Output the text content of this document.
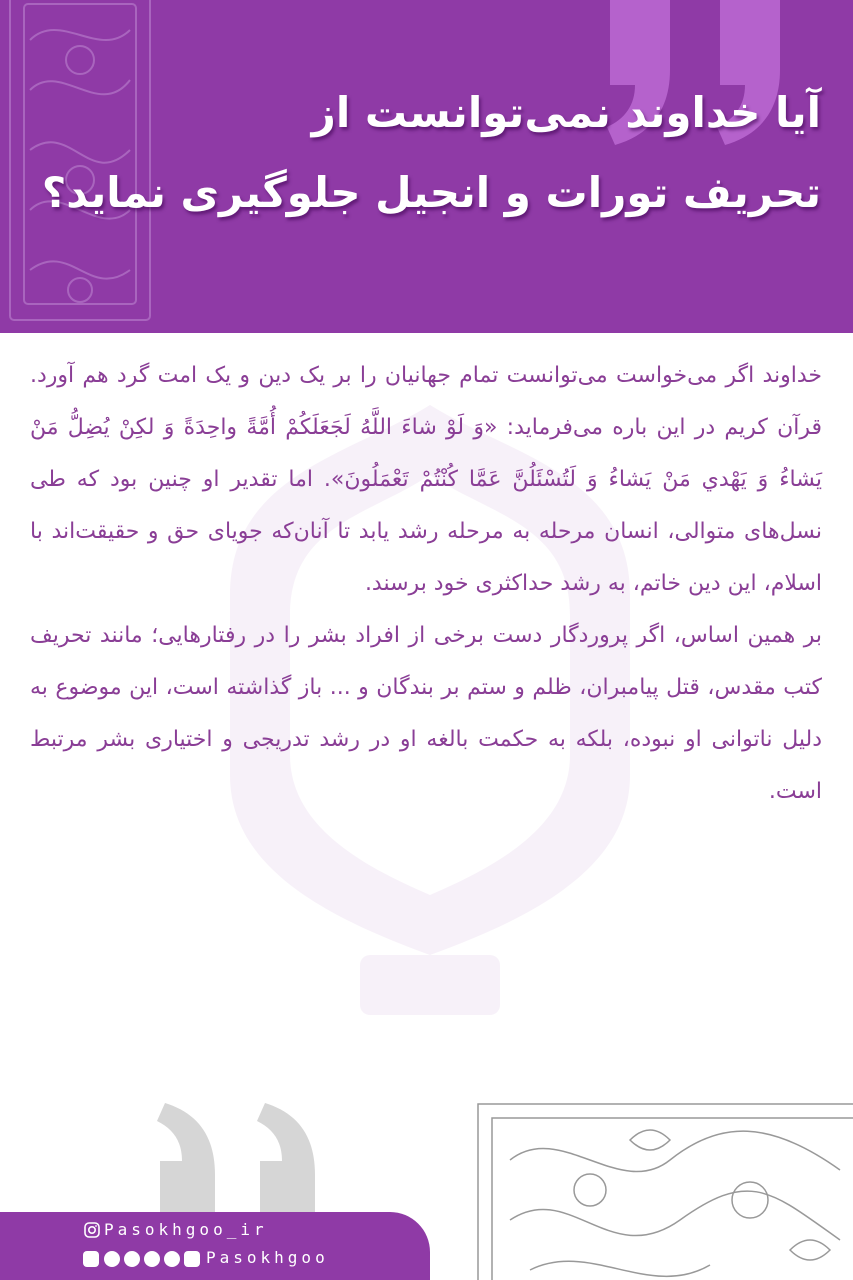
آیا خداوند نمی‌توانست از
تحریف تورات و انجیل جلوگیری نماید؟

خداوند اگر می‌خواست می‌توانست تمام جهانیان را بر یک دین و یک امت گرد هم آورد. قرآن کریم در این باره می‌فرماید: «وَ لَوْ شاءَ اللَّهُ لَجَعَلَكُمْ أُمَّةً واحِدَةً وَ لكِنْ يُضِلُّ مَنْ يَشاءُ وَ يَهْدي مَنْ يَشاءُ وَ لَتُسْئَلُنَّ عَمَّا كُنْتُمْ تَعْمَلُونَ». اما تقدیر او چنین بود که طی نسل‌های متوالی، انسان مرحله به مرحله رشد یابد تا آنان‌که جویای حق و حقیقت‌اند با اسلام، این دین خاتم، به رشد حداکثری خود برسند.

بر همین اساس، اگر پروردگار دست برخی از افراد بشر را در رفتارهایی؛ مانند تحریف کتب مقدس، قتل پیامبران، ظلم و ستم بر بندگان و ... باز گذاشته است، این موضوع به دلیل ناتوانی او نبوده، بلکه به حکمت بالغه او در رشد تدریجی و اختیاری بشر مرتبط است.

Pasokhgoo_ir
Pasokhgoo
